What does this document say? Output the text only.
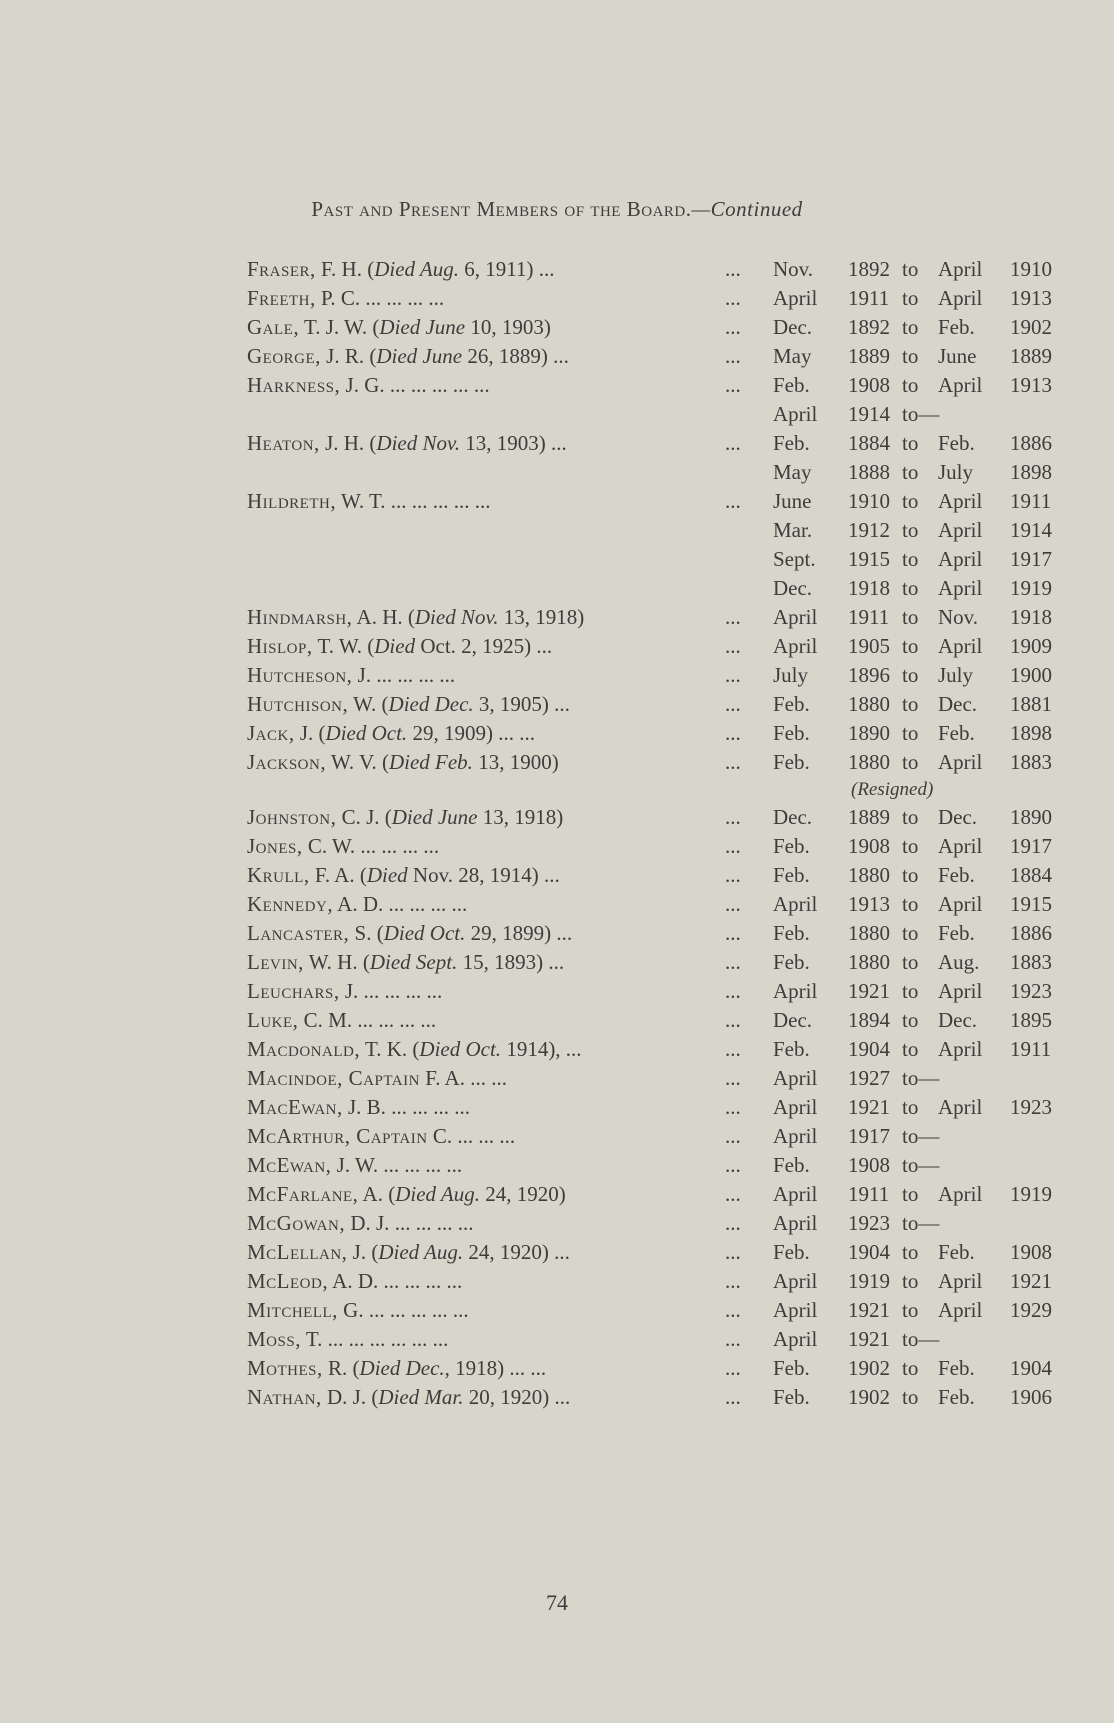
Past and Present Members of the Board.—Continued
Fraser, F. H. (Died Aug. 6, 1911) ...	...	Nov.	1892 to April 1910
Freeth, P. C. ... ... ... ...	...	April	1911 to April 1913
Gale, T. J. W. (Died June 10, 1903)	...	Dec.	1892 to Feb. 1902
George, J. R. (Died June 26, 1889) ...	...	May	1889 to June 1889
Harkness, J. G. ... ... ... ... ...	...	Feb.	1908 to April 1913
April	1914 to—
Heaton, J. H. (Died Nov. 13, 1903) ...	...	Feb.	1884 to Feb. 1886
May	1888 to July 1898
Hildreth, W. T. ... ... ... ... ...	...	June	1910 to April 1911
Mar.	1912 to April 1914
Sept.	1915 to April 1917
Dec.	1918 to April 1919
Hindmarsh, A. H. (Died Nov. 13, 1918)	...	April	1911 to Nov. 1918
Hislop, T. W. (Died Oct. 2, 1925) ...	...	April	1905 to April 1909
Hutcheson, J. ... ... ... ...	...	July	1896 to July 1900
Hutchison, W. (Died Dec. 3, 1905) ...	...	Feb.	1880 to Dec. 1881
Jack, J. (Died Oct. 29, 1909) ... ...	...	Feb.	1890 to Feb. 1898
Jackson, W. V. (Died Feb. 13, 1900)	...	Feb.	1880 to April 1883
(Resigned)
Johnston, C. J. (Died June 13, 1918)	...	Dec.	1889 to Dec. 1890
Jones, C. W. ... ... ... ...	...	Feb.	1908 to April 1917
Krull, F. A. (Died Nov. 28, 1914) ...	...	Feb.	1880 to Feb. 1884
Kennedy, A. D. ... ... ... ...	...	April	1913 to April 1915
Lancaster, S. (Died Oct. 29, 1899) ...	...	Feb.	1880 to Feb. 1886
Levin, W. H. (Died Sept. 15, 1893) ...	...	Feb.	1880 to Aug. 1883
Leuchars, J. ... ... ... ...	...	April	1921 to April 1923
Luke, C. M. ... ... ... ...	...	Dec.	1894 to Dec. 1895
Macdonald, T. K. (Died Oct. 1914), ...	...	Feb.	1904 to April 1911
Macindoe, Captain F. A. ... ...	...	April	1927 to—
MacEwan, J. B. ... ... ... ...	...	April	1921 to April 1923
McArthur, Captain C. ... ... ...	...	April	1917 to—
McEwan, J. W. ... ... ... ...	...	Feb.	1908 to—
McFarlane, A. (Died Aug. 24, 1920)	...	April	1911 to April 1919
McGowan, D. J. ... ... ... ...	...	April	1923 to—
McLellan, J. (Died Aug. 24, 1920) ...	...	Feb.	1904 to Feb. 1908
McLeod, A. D. ... ... ... ...	...	April	1919 to April 1921
Mitchell, G. ... ... ... ... ...	...	April	1921 to April 1929
Moss, T. ... ... ... ... ... ...	...	April	1921 to—
Mothes, R. (Died Dec., 1918) ... ...	...	Feb.	1902 to Feb. 1904
Nathan, D. J. (Died Mar. 20, 1920) ...	...	Feb.	1902 to Feb. 1906
74
